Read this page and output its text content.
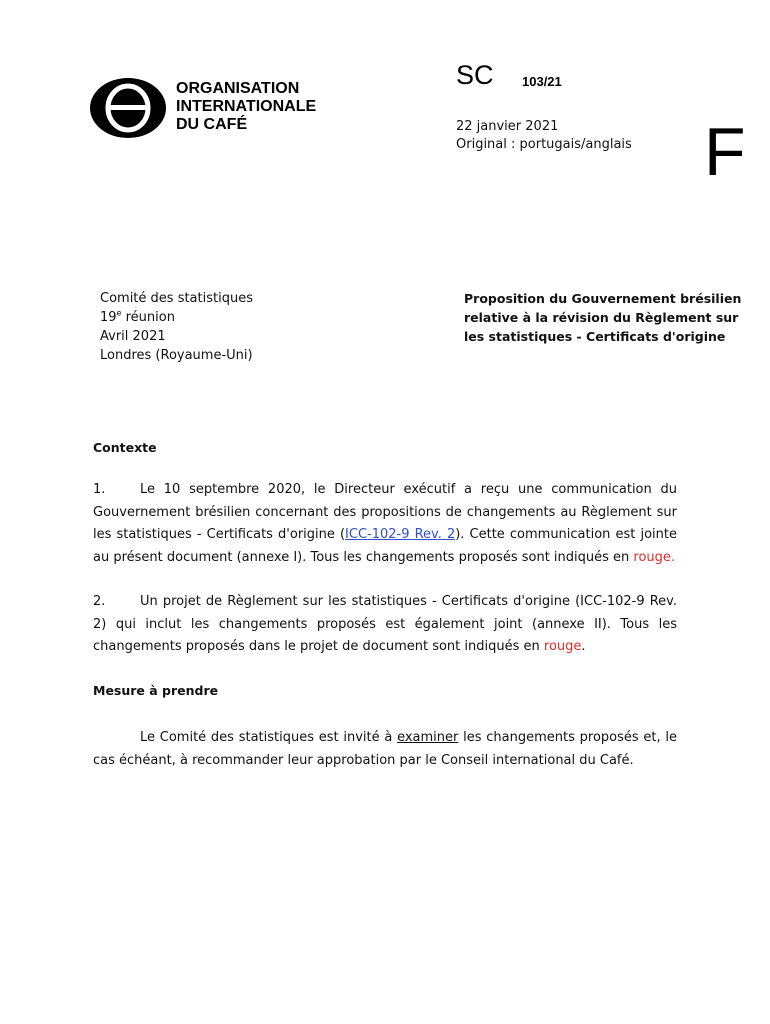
ORGANISATION
INTERNATIONALE
DU CAFÉ
SC 103/21
22 janvier 2021
Original : portugais/anglais F
Comité des statistiques
19e réunion
Avril 2021
Londres (Royaume-Uni)
Proposition du Gouvernement brésilien relative à la révision du Règlement sur les statistiques - Certificats d'origine
Contexte
1.	Le 10 septembre 2020, le Directeur exécutif a reçu une communication du Gouvernement brésilien concernant des propositions de changements au Règlement sur les statistiques - Certificats d'origine (ICC-102-9 Rev. 2). Cette communication est jointe au présent document (annexe I). Tous les changements proposés sont indiqués en rouge.
2.	Un projet de Règlement sur les statistiques - Certificats d'origine (ICC-102-9 Rev. 2) qui inclut les changements proposés est également joint (annexe II). Tous les changements proposés dans le projet de document sont indiqués en rouge.
Mesure à prendre
Le Comité des statistiques est invité à examiner les changements proposés et, le cas échéant, à recommander leur approbation par le Conseil international du Café.
